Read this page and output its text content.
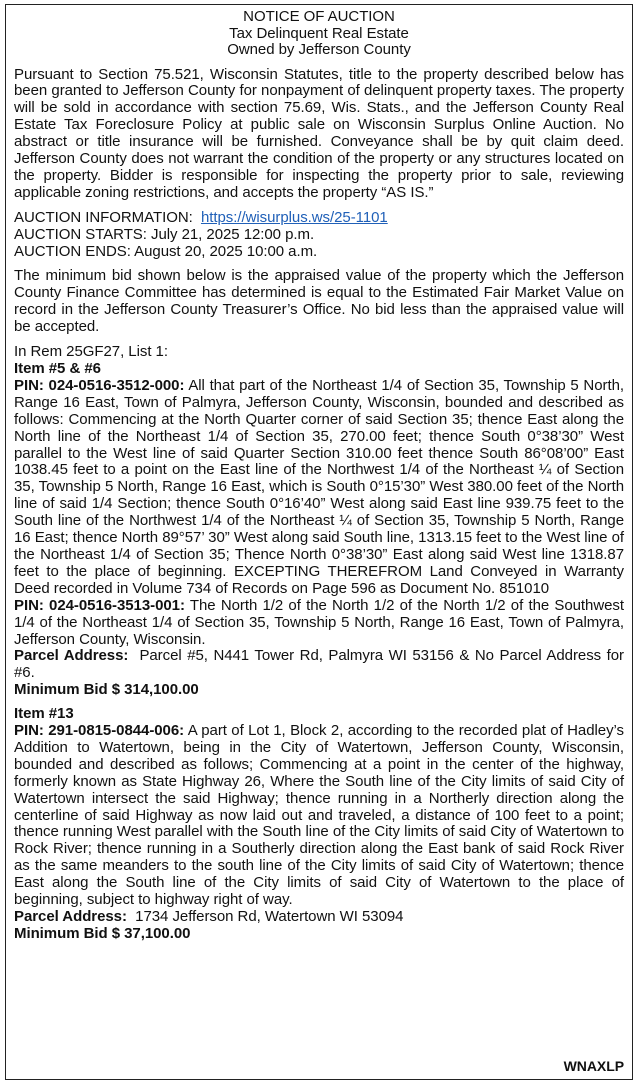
NOTICE OF AUCTION
Tax Delinquent Real Estate
Owned by Jefferson County

Pursuant to Section 75.521, Wisconsin Statutes, title to the property described below has been granted to Jefferson County for nonpayment of delinquent property taxes. The property will be sold in accordance with section 75.69, Wis. Stats., and the Jefferson County Real Estate Tax Foreclosure Policy at public sale on Wisconsin Surplus Online Auction. No abstract or title insurance will be furnished. Conveyance shall be by quit claim deed. Jefferson County does not warrant the condition of the property or any structures located on the property. Bidder is responsible for inspecting the property prior to sale, reviewing applicable zoning restrictions, and accepts the property “AS IS.”

AUCTION INFORMATION: https://wisurplus.ws/25-1101
AUCTION STARTS: July 21, 2025 12:00 p.m.
AUCTION ENDS: August 20, 2025 10:00 a.m.

The minimum bid shown below is the appraised value of the property which the Jefferson County Finance Committee has determined is equal to the Estimated Fair Market Value on record in the Jefferson County Treasurer’s Office. No bid less than the appraised value will be accepted.

In Rem 25GF27, List 1:
Item #5 & #6

PIN: 024-0516-3512-000: All that part of the Northeast 1/4 of Section 35, Township 5 North, Range 16 East, Town of Palmyra, Jefferson County, Wisconsin, bounded and described as follows: Commencing at the North Quarter corner of said Section 35; thence East along the North line of the Northeast 1/4 of Section 35, 270.00 feet; thence South 0°38’30” West parallel to the West line of said Quarter Section 310.00 feet thence South 86°08’00” East 1038.45 feet to a point on the East line of the Northwest 1/4 of the Northeast ¼ of Section 35, Township 5 North, Range 16 East, which is South 0°15’30” West 380.00 feet of the North line of said 1/4 Section; thence South 0°16’40” West along said East line 939.75 feet to the South line of the Northwest 1/4 of the Northeast ¼ of Section 35, Township 5 North, Range 16 East; thence North 89°57’ 30” West along said South line, 1313.15 feet to the West line of the Northeast 1/4 of Section 35; Thence North 0°38’30” East along said West line 1318.87 feet to the place of beginning. EXCEPTING THEREFROM Land Conveyed in Warranty Deed recorded in Volume 734 of Records on Page 596 as Document No. 851010

PIN: 024-0516-3513-001: The North 1/2 of the North 1/2 of the North 1/2 of the Southwest 1/4 of the Northeast 1/4 of Section 35, Township 5 North, Range 16 East, Town of Palmyra, Jefferson County, Wisconsin.

Parcel Address: Parcel #5, N441 Tower Rd, Palmyra WI 53156 & No Parcel Address for #6.

Minimum Bid $ 314,100.00
Item #13

PIN: 291-0815-0844-006: A part of Lot 1, Block 2, according to the recorded plat of Hadley’s Addition to Watertown, being in the City of Watertown, Jefferson County, Wisconsin, bounded and described as follows; Commencing at a point in the center of the highway, formerly known as State Highway 26, Where the South line of the City limits of said City of Watertown intersect the said Highway; thence running in a Northerly direction along the centerline of said Highway as now laid out and traveled, a distance of 100 feet to a point; thence running West parallel with the South line of the City limits of said City of Watertown to Rock River; thence running in a Southerly direction along the East bank of said Rock River as the same meanders to the south line of the City limits of said City of Watertown; thence East along the South line of the City limits of said City of Watertown to the place of beginning, subject to highway right of way.

Parcel Address: 1734 Jefferson Rd, Watertown WI 53094

Minimum Bid $ 37,100.00
WNAXLP
